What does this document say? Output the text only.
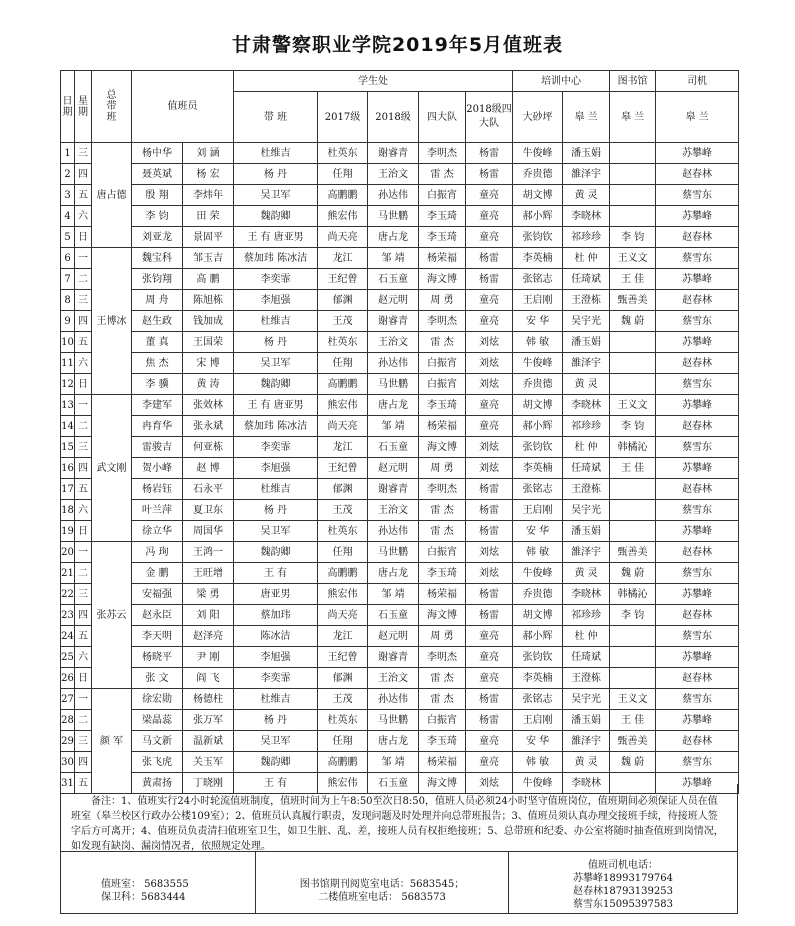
甘肃警察职业学院2019年5月值班表
日期	星期	总带班	值班员		学生处					培训中心		图书馆	司机
					带 班	2017级	2018级	四大队	2018级四大队				
										大砂坪	皋 兰	皋 兰	皋 兰
1	三	唐占德	杨中华	刘 涵	杜维吉	杜英东	谢睿青	李明杰	杨雷	牛俊峰	潘玉娟		苏攀峰
2	四		聂英斌	杨 宏	杨 丹	任翔	王治文	雷 杰	杨雷	乔贵德	雒泽宇		赵春林
3	五		殷 翔	李炜年	吴卫军	高鹏鹏	孙达伟	白振宵	童亮	胡文博	黄 灵		蔡雪东
4	六		李 钧	田 荣	魏韵卿	熊宏伟	马世鹏	李玉琦	童亮	郝小辉	李晓林		苏攀峰
5	日		刘亚龙	景固平	王 有 唐亚男	尚天亮	唐占龙	李玉琦	童亮	张钧钦	祁珍珍	李 钧	赵春林
6	一	王博冰	魏宝科	邹玉吉	蔡加玮 陈冰洁	龙江	邹 靖	杨荣福	杨雷	李英楠	杜 仲	王义文	蔡雪东
7	二		张钧翔	高 鹏	李奕霏	王纪曾	石玉童	海文博	杨雷	张铭志	任琦斌	王 佳	苏攀峰
8	三		周 舟	陈旭栋	李旭强	郁渊	赵元明	周 勇	童亮	王启刚	王澄栋	甄善美	赵春林
9	四		赵生政	钱加成	杜维吉	王茂	谢睿青	李明杰	童亮	安 华	吴宇光	魏 蔚	蔡雪东
10	五		董 真	王国荣	杨 丹	杜英东	王治文	雷 杰	刘炫	韩 敏	潘玉娟		苏攀峰
11	六		焦 杰	宋 博	吴卫军	任翔	孙达伟	白振宵	刘炫	牛俊峰	雒泽宇		赵春林
12	日		李 骥	黄 涛	魏韵卿	高鹏鹏	马世鹏	白振宵	刘炫	乔贵德	黄 灵		蔡雪东
13	一	武文刚	李建军	张效林	王 有 唐亚男	熊宏伟	唐占龙	李玉琦	童亮	胡文博	李晓林	王义文	苏攀峰
14	二		冉育华	张永斌	蔡加玮 陈冰洁	尚天亮	邹 靖	杨荣福	童亮	郝小辉	祁珍珍	李 钧	赵春林
15	三		雷骏吉	何亚栋	李奕霏	龙江	石玉童	海文博	刘炫	张钧钦	杜 仲	韩橘沁	蔡雪东
16	四		贺小峰	赵 博	李旭强	王纪曾	赵元明	周 勇	刘炫	李英楠	任琦斌	王 佳	苏攀峰
17	五		杨岩钰	石永平	杜维吉	郁渊	谢睿青	李明杰	杨雷	张铭志	王澄栋		赵春林
18	六		叶兰萍	夏卫东	杨 丹	王茂	王治文	雷 杰	杨雷	王启刚	吴宇光		蔡雪东
19	日		徐立华	周国华	吴卫军	杜英东	孙达伟	雷 杰	杨雷	安 华	潘玉娟		苏攀峰
20	一	张苏云	冯 珣	王鸿一	魏韵卿	任翔	马世鹏	白振宵	刘炫	韩 敏	雒泽宇	甄善美	赵春林
21	二		金 鹏	王旺增	王 有	高鹏鹏	唐占龙	李玉琦	刘炫	牛俊峰	黄 灵	魏 蔚	蔡雪东
22	三		安福强	梁 勇	唐亚男	熊宏伟	邹 靖	杨荣福	杨雷	乔贵德	李晓林	韩橘沁	苏攀峰
23	四		赵永臣	刘 阳	蔡加玮	尚天亮	石玉童	海文博	杨雷	胡文博	祁珍珍	李 钧	赵春林
24	五		李天明	赵泽亮	陈冰洁	龙江	赵元明	周 勇	童亮	郝小辉	杜 仲		蔡雪东
25	六		杨晓平	尹 刚	李旭强	王纪曾	谢睿青	李明杰	童亮	张钧钦	任琦斌		苏攀峰
26	日		张 文	阎 飞	李奕霏	郁渊	王治文	雷 杰	童亮	李英楠	王澄栋		赵春林
27	一	颜 军	徐宏勋	杨德柱	杜维吉	王茂	孙达伟	雷 杰	杨雷	张铭志	吴宇光	王义文	蔡雪东
28	二		梁晶蕊	张万军	杨 丹	杜英东	马世鹏	白振宵	杨雷	王启刚	潘玉娟	王 佳	苏攀峰
29	三		马文新	温新斌	吴卫军	任翔	唐占龙	李玉琦	童亮	安 华	雒泽宇	甄善美	赵春林
30	四		张飞虎	关玉军	魏韵卿	高鹏鹏	邹 靖	杨荣福	童亮	韩 敏	黄 灵	魏 蔚	蔡雪东
31	五		黄肃扬	丁晓刚	王 有	熊宏伟	石玉童	海文博	刘炫	牛俊峰	李晓林		苏攀峰
备注：1、值班实行24小时轮流值班制度，值班时间为上午8:50至次日8:50，值班人员必须24小时坚守值班岗位，值班期间必须保证人员在值班室（皋兰校区行政办公楼109室）；2、值班员认真履行职责，发现问题及时处理并向总带班报告；3、值班员须认真办理交接班手续，待接班人签字后方可离开；4、值班员负责清扫值班室卫生，如卫生脏、乱、差，接班人员有权拒绝接班；5、总带班和纪委、办公室将随时抽查值班到岗情况，如发现有缺岗、漏岗情况者，依照规定处理。
值班室： 5683555
保卫科：5683444
图书馆期刊阅览室电话：5683545；
二楼值班室电话： 5683573
值班司机电话：
苏攀峰18993179764
赵春林18793139253
蔡雪东15095397583
